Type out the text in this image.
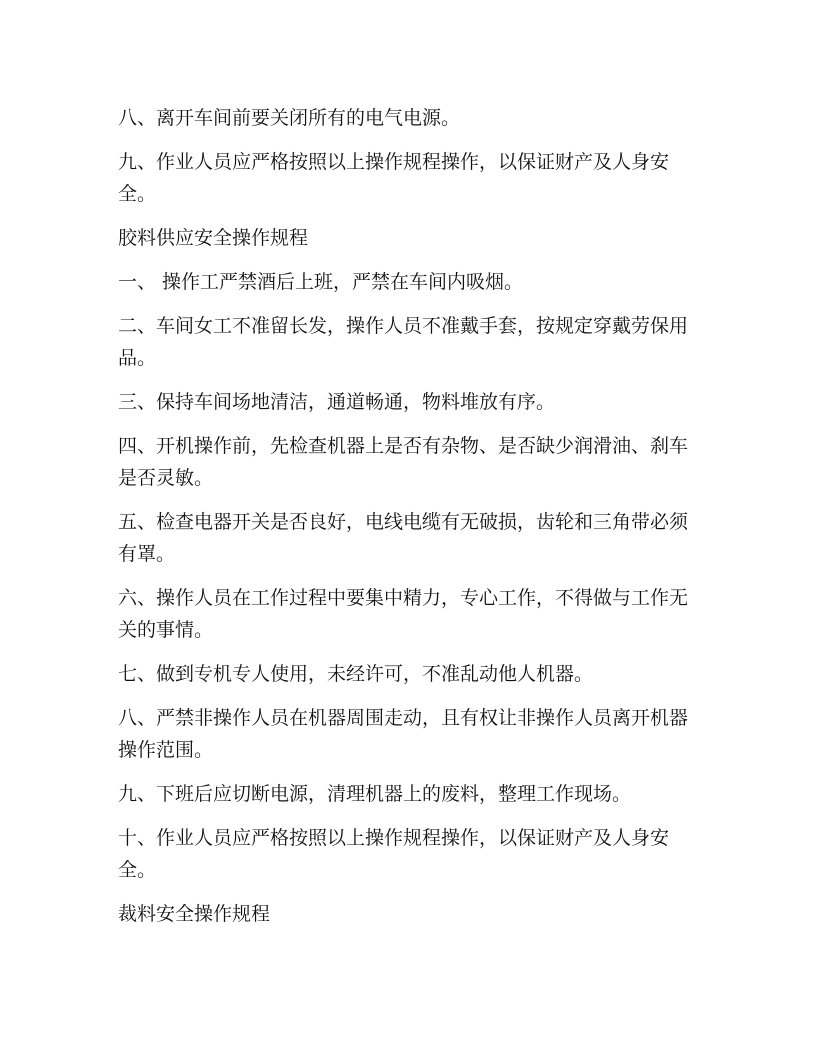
八、离开车间前要关闭所有的电气电源。
九、作业人员应严格按照以上操作规程操作，以保证财产及人身安
全。
胶料供应安全操作规程
一、 操作工严禁酒后上班，严禁在车间内吸烟。
二、车间女工不准留长发，操作人员不准戴手套，按规定穿戴劳保用
品。
三、保持车间场地清洁，通道畅通，物料堆放有序。
四、开机操作前，先检查机器上是否有杂物、是否缺少润滑油、刹车
是否灵敏。
五、检查电器开关是否良好，电线电缆有无破损，齿轮和三角带必须
有罩。
六、操作人员在工作过程中要集中精力，专心工作，不得做与工作无
关的事情。
七、做到专机专人使用，未经许可，不准乱动他人机器。
八、严禁非操作人员在机器周围走动，且有权让非操作人员离开机器
操作范围。
九、下班后应切断电源，清理机器上的废料，整理工作现场。
十、作业人员应严格按照以上操作规程操作，以保证财产及人身安
全。
裁料安全操作规程
